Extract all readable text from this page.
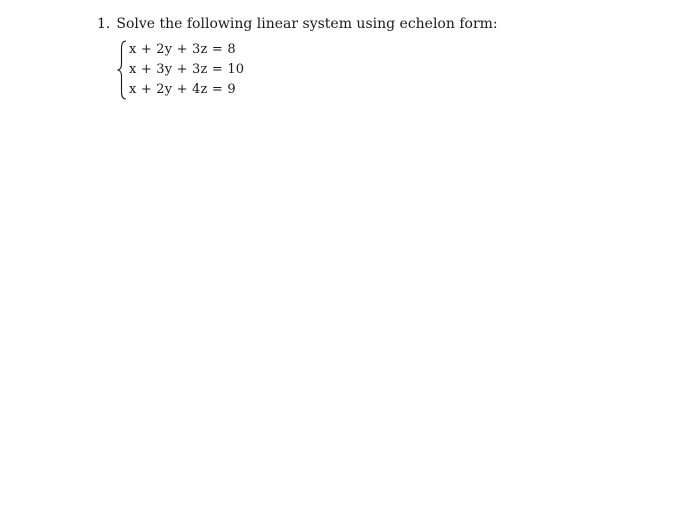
1. Solve the following linear system using echelon form:
x + 2y + 3z = 8
x + 3y + 3z = 10
x + 2y + 4z = 9
